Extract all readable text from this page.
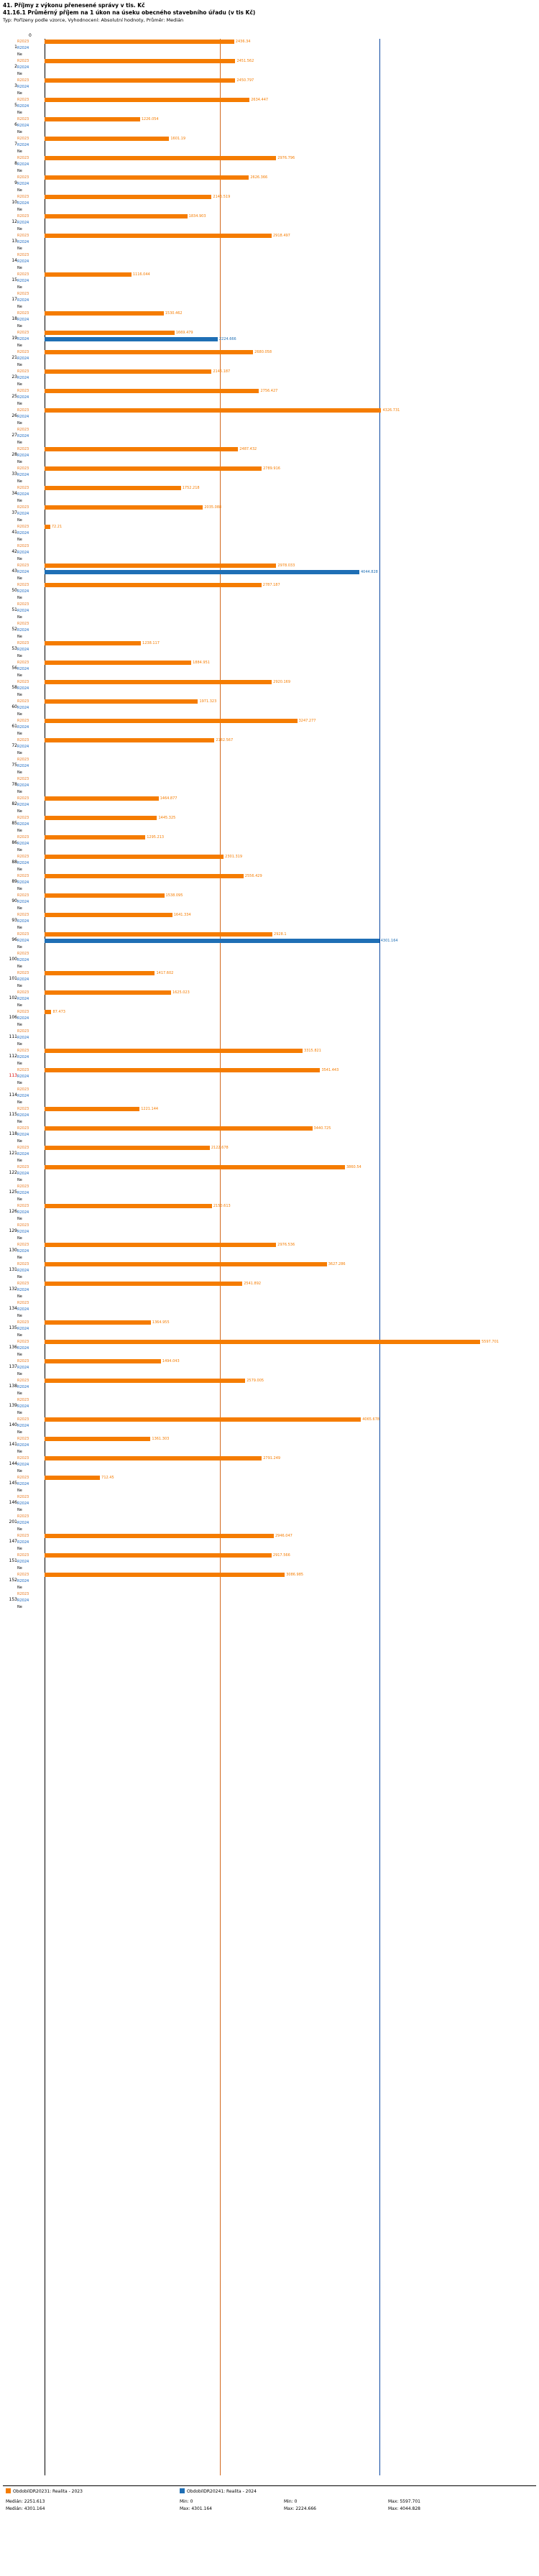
41. Příjmy z výkonu přenesené správy v tis. Kč
41.16.1 Průměrný příjem na 1 úkon na úseku obecného stavebního úřadu (v tis Kč)
Typ: Pořízeny podle vzorce, Vyhodnocení: Absolutní hodnoty, Průměr: Medián
0
1
R2023	2436.34
R2024
Ne
2
R2023	2451.562
R2024
Ne
3
R2023	2450.797
R2024
Ne
5
R2023	2634.447
R2024
Ne
6
R2023	1226.054
R2024
Ne
7
R2023	1601.19
R2024
Ne
8
R2023	2976.796
R2024
Ne
9
R2023	2626.366
R2024
Ne
10
R2023	2146.519
R2024
Ne
12
R2023	1834.903
R2024
Ne
13
R2023	2918.497
R2024
Ne
14
R2023
R2024
Ne
15
R2023	1116.044
R2024
Ne
17
R2023
R2024
Ne
18
R2023	1530.462
R2024
Ne
19
R2023	1669.479
R2024	2224.666
Ne
21
R2023	2680.058
R2024
Ne
23
R2023	2146.187
R2024
Ne
25
R2023	2756.427
R2024
Ne
26
R2023	4326.731
R2024
Ne
27
R2023
R2024
Ne
28
R2023	2487.432
R2024
Ne
33
R2023	2789.916
R2024
Ne
34
R2023	1752.218
R2024
Ne
37
R2023	2035.088
R2024
Ne
41
R2023	72.21
R2024
Ne
42
R2023
R2024
Ne
43
R2023	2978.033
R2024	4044.828
Ne
50
R2023	2787.187
R2024
Ne
51
R2023
R2024
Ne
52
R2023
R2024
Ne
53
R2023	1238.117
R2024
Ne
56
R2023	1884.951
R2024
Ne
58
R2023	2920.169
R2024
Ne
60
R2023	1971.323
R2024
Ne
61
R2023	3247.277
R2024
Ne
72
R2023	2182.567
R2024
Ne
75
R2023
R2024
Ne
78
R2023
R2024
Ne
82
R2023	1464.877
R2024
Ne
85
R2023	1445.325
R2024
Ne
86
R2023	1295.213
R2024
Ne
88
R2023	2301.319
R2024
Ne
89
R2023	2556.429
R2024
Ne
90
R2023	1538.095
R2024
Ne
93
R2023	1641.334
R2024
Ne
96
R2023	2928.1
R2024	4301.164
Ne
100
R2023
R2024
Ne
101
R2023	1417.602
R2024
Ne
102
R2023	1625.023
R2024
Ne
106
R2023	87.473
R2024
Ne
111
R2023
R2024
Ne
112
R2023	3315.821
R2024
Ne
113
R2023	3541.443
R2024
Ne
114
R2023
R2024
Ne
115
R2023	1221.144
R2024
Ne
118
R2023	3440.725
R2024
Ne
121
R2023	2122.678
R2024
Ne
122
R2023	3860.54
R2024
Ne
125
R2023
R2024
Ne
126
R2023	2150.613
R2024
Ne
129
R2023
R2024
Ne
130
R2023	2976.536
R2024
Ne
131
R2023	3627.286
R2024
Ne
132
R2023	2541.892
R2024
Ne
134
R2023
R2024
Ne
135
R2023	1364.955
R2024
Ne
136
R2023	5597.701
R2024
Ne
137
R2023	1494.043
R2024
Ne
138
R2023	2579.005
R2024
Ne
139
R2023
R2024
Ne
140
R2023	4065.678
R2024
Ne
141
R2023	1361.303
R2024
Ne
144
R2023	2791.249
R2024
Ne
145
R2023	712.45
R2024
Ne
146
R2023
R2024
Ne
201
R2023
R2024
Ne
147
R2023	2946.047
R2024
Ne
151
R2023	2917.566
R2024
Ne
152
R2023	3086.985
R2024
Ne
153
R2023
R2024
Ne
ObdobíIDR20231: Realita - 2023	ObdobíIDR20241: Realita - 2024
Medián: 2251.613
Medián: 4301.164
Min: 0
Max: 4301.164
Min: 0
Max: 2224.666
Max: 5597.701
Max: 4044.828
